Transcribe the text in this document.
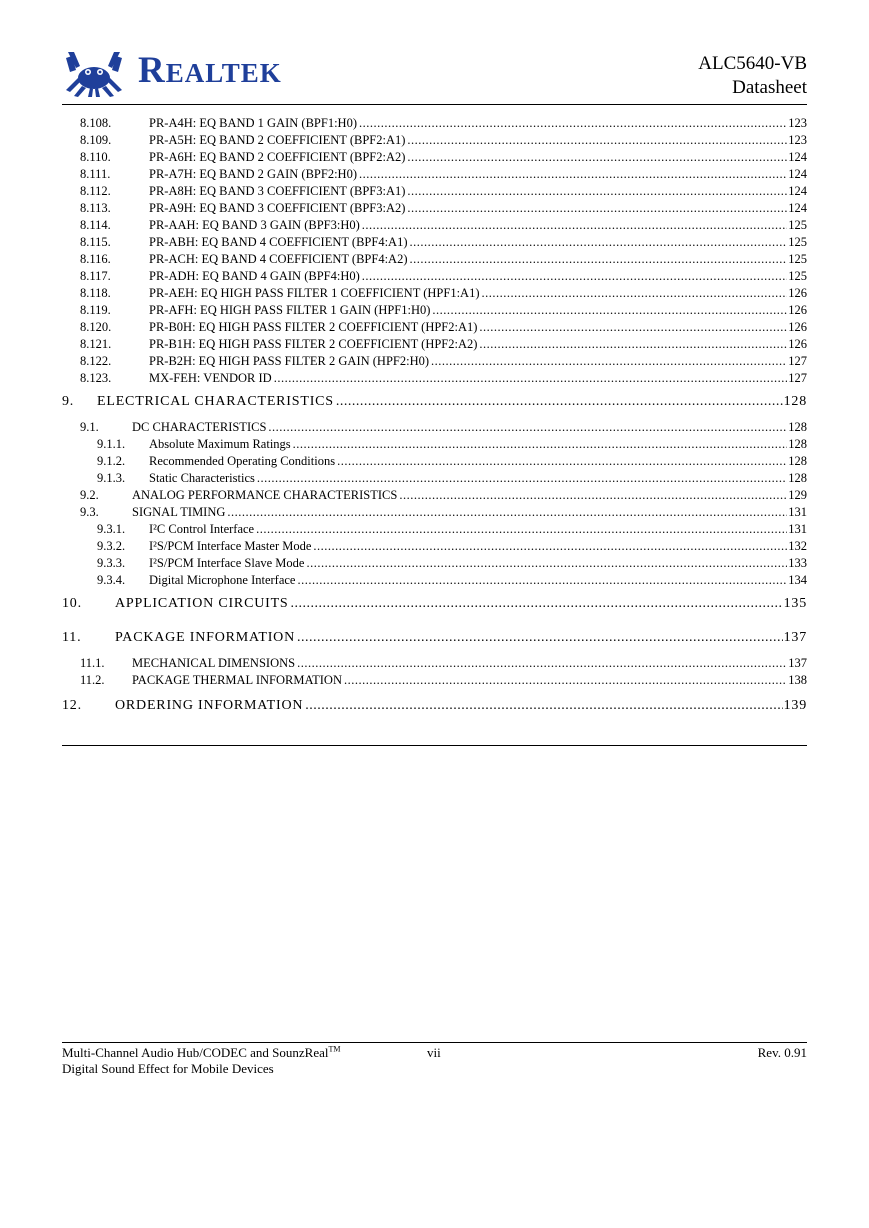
REALTEK	ALC5640-VB
Datasheet
8.108.	PR-A4H: EQ BAND 1 GAIN (BPF1:H0) .....	123
8.109.	PR-A5H: EQ BAND 2 COEFFICIENT (BPF2:A1) .....	123
8.110.	PR-A6H: EQ BAND 2 COEFFICIENT (BPF2:A2) .....	124
8.111.	PR-A7H: EQ BAND 2 GAIN (BPF2:H0) .....	124
8.112.	PR-A8H: EQ BAND 3 COEFFICIENT (BPF3:A1) .....	124
8.113.	PR-A9H: EQ BAND 3 COEFFICIENT (BPF3:A2) .....	124
8.114.	PR-AAH: EQ BAND 3 GAIN (BPF3:H0) .....	125
8.115.	PR-ABH: EQ BAND 4 COEFFICIENT (BPF4:A1) .....	125
8.116.	PR-ACH: EQ BAND 4 COEFFICIENT (BPF4:A2) .....	125
8.117.	PR-ADH: EQ BAND 4 GAIN (BPF4:H0) .....	125
8.118.	PR-AEH: EQ HIGH PASS FILTER 1 COEFFICIENT (HPF1:A1) .....	126
8.119.	PR-AFH: EQ HIGH PASS FILTER 1 GAIN (HPF1:H0) .....	126
8.120.	PR-B0H: EQ HIGH PASS FILTER 2 COEFFICIENT (HPF2:A1) .....	126
8.121.	PR-B1H: EQ HIGH PASS FILTER 2 COEFFICIENT (HPF2:A2) .....	126
8.122.	PR-B2H: EQ HIGH PASS FILTER 2 GAIN (HPF2:H0) .....	127
8.123.	MX-FEH: VENDOR ID .....	127
9. ELECTRICAL CHARACTERISTICS .....	128
9.1.	DC CHARACTERISTICS .....	128
9.1.1. Absolute Maximum Ratings .....	128
9.1.2. Recommended Operating Conditions .....	128
9.1.3. Static Characteristics .....	128
9.2.	ANALOG PERFORMANCE CHARACTERISTICS .....	129
9.3.	SIGNAL TIMING .....	131
9.3.1. I²C Control Interface .....	131
9.3.2. I²S/PCM Interface Master Mode .....	132
9.3.3. I²S/PCM Interface Slave Mode .....	133
9.3.4. Digital Microphone Interface .....	134
10. APPLICATION CIRCUITS .....	135
11. PACKAGE INFORMATION .....	137
11.1. MECHANICAL DIMENSIONS .....	137
11.2. PACKAGE THERMAL INFORMATION .....	138
12. ORDERING INFORMATION .....	139
Multi-Channel Audio Hub/CODEC and SounzReal™
Digital Sound Effect for Mobile Devices
vii	Rev. 0.91
